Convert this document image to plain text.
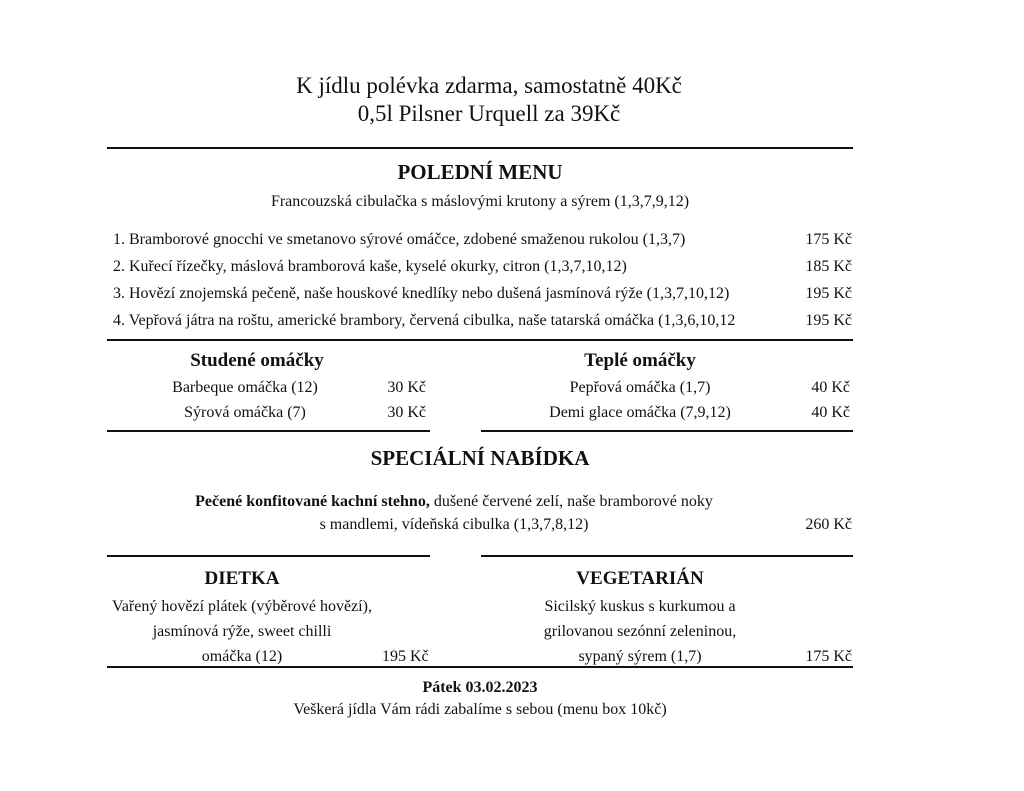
K jídlu polévka zdarma, samostatně 40Kč
0,5l Pilsner Urquell za 39Kč
POLEDNÍ MENU
Francouzská cibulačka s máslovými krutony a sýrem (1,3,7,9,12)
1. Bramborové gnocchi ve smetanovo sýrové omáčce, zdobené smaženou rukolou (1,3,7)	175 Kč
2. Kuřecí řízečky, máslová bramborová kaše, kyselé okurky, citron (1,3,7,10,12)	185 Kč
3. Hovězí znojemská pečeně, naše houskové knedlíky nebo dušená jasmínová rýže (1,3,7,10,12)	195 Kč
4. Vepřová játra na roštu, americké brambory, červená cibulka, naše tatarská omáčka (1,3,6,10,12	195 Kč
Studené omáčky
Barbeque omáčka (12)	30 Kč
Sýrová omáčka (7)	30 Kč
Teplé omáčky
Pepřová omáčka (1,7)	40 Kč
Demi glace omáčka (7,9,12)	40 Kč
SPECIÁLNÍ NABÍDKA
Pečené konfitované kachní stehno, dušené červené zelí, naše bramborové noky
s mandlemi, vídeňská cibulka (1,3,7,8,12)	260 Kč
DIETKA
Vařený hovězí plátek (výběrové hovězí),
jasmínová rýže, sweet chilli
omáčka (12)	195 Kč
VEGETARIÁN
Sicilský kuskus s kurkumou a
grilovanou sezónní zeleninou,
sypaný sýrem (1,7)	175 Kč
Pátek 03.02.2023
Veškerá jídla Vám rádi zabalíme s sebou (menu box 10kč)
